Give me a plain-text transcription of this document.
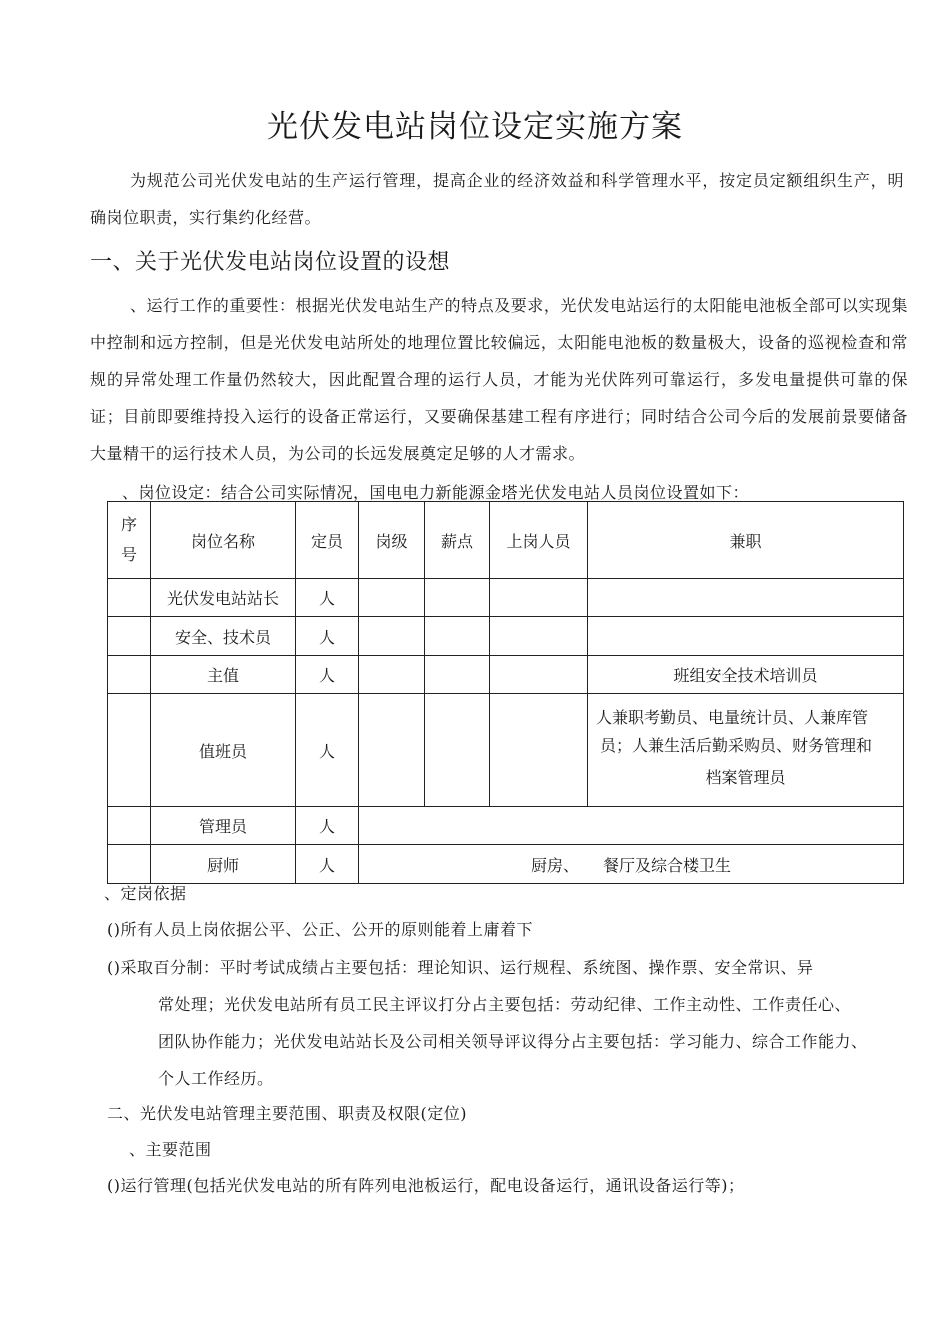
光伏发电站岗位设定实施方案
为规范公司光伏发电站的生产运行管理，提高企业的经济效益和科学管理水平，按定员定额组织生产，明确岗位职责，实行集约化经营。
一、关于光伏发电站岗位设置的设想
、运行工作的重要性：根据光伏发电站生产的特点及要求，光伏发电站运行的太阳能电池板全部可以实现集中控制和远方控制，但是光伏发电站所处的地理位置比较偏远，太阳能电池板的数量极大，设备的巡视检查和常规的异常处理工作量仍然较大，因此配置合理的运行人员，才能为光伏阵列可靠运行，多发电量提供可靠的保证；目前即要维持投入运行的设备正常运行，又要确保基建工程有序进行；同时结合公司今后的发展前景要储备大量精干的运行技术人员，为公司的长远发展奠定足够的人才需求。
、岗位设定：结合公司实际情况，国电电力新能源金塔光伏发电站人员岗位设置如下：
序
号	岗位名称	定员	岗级	薪点	上岗人员	兼职
	光伏发电站站长	人				
	安全、技术员	人				
	主值	人				班组安全技术培训员
	值班员	人				人兼职考勤员、电量统计员、人兼库管
员；人兼生活后勤采购员、财务管理和
档案管理员

	管理员	人				
	厨师	人	厨房、　　餐厅及综合楼卫生			
、定岗依据
()所有人员上岗依据公平、公正、公开的原则能着上庸着下
()采取百分制：平时考试成绩占主要包括：理论知识、运行规程、系统图、操作票、安全常识、异
常处理；光伏发电站所有员工民主评议打分占主要包括：劳动纪律、工作主动性、工作责任心、
团队协作能力；光伏发电站站长及公司相关领导评议得分占主要包括：学习能力、综合工作能力、
个人工作经历。
二、光伏发电站管理主要范围、职责及权限(定位)
、主要范围
()运行管理(包括光伏发电站的所有阵列电池板运行，配电设备运行，通讯设备运行等)；
